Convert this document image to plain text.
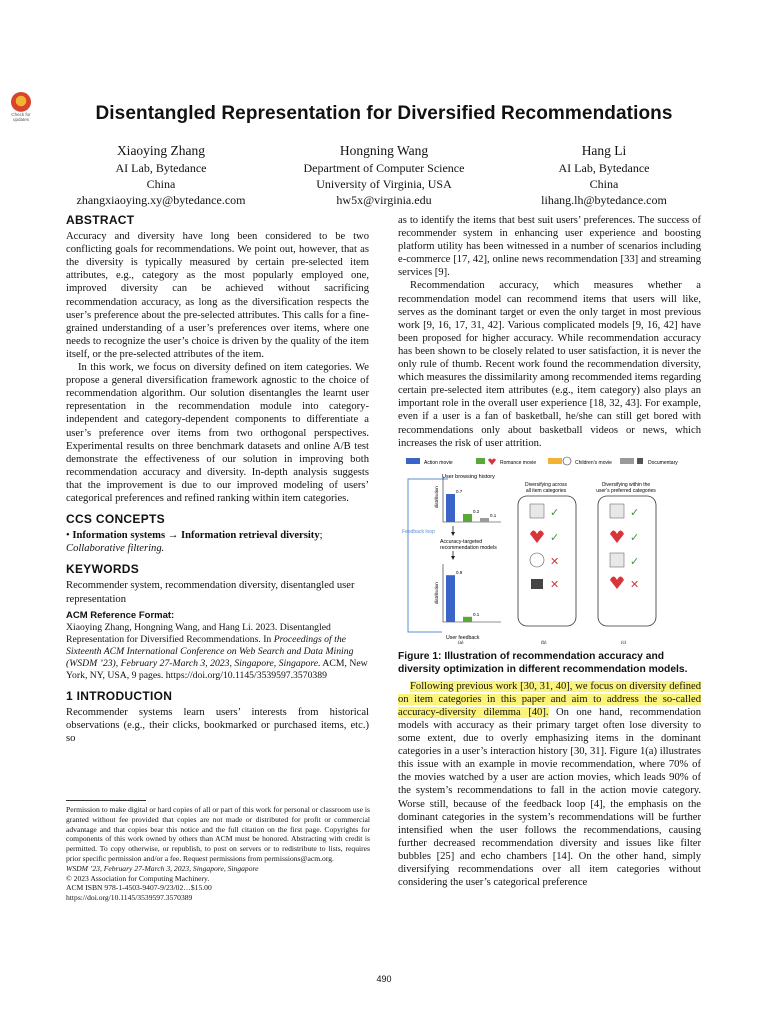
Check for
updates	Disentangled Representation for Diversified Recommendations
Xiaoying Zhang
AI Lab, Bytedance
China
zhangxiaoying.xy@bytedance.com
Hongning Wang
Department of Computer Science
University of Virginia, USA
hw5x@virginia.edu
Hang Li
AI Lab, Bytedance
China
lihang.lh@bytedance.com
ABSTRACT

Accuracy and diversity have long been considered to be two conflicting goals for recommendations. We point out, however, that as the diversity is typically measured by certain pre-selected item attributes, e.g., category as the most popularly employed one, improved diversity can be achieved without sacrificing recommendation accuracy, as long as the diversification respects the user’s preference about the pre-selected attributes. This calls for a fine-grained understanding of a user’s preferences over items, where one needs to recognize the user’s choice is driven by the quality of the item itself, or the pre-selected attributes of the item.

In this work, we focus on diversity defined on item categories. We propose a general diversification framework agnostic to the choice of recommendation algorithm. Our solution disentangles the learnt user representation in the recommendation module into category-independent and category-dependent components to differentiate a user’s preference over items from two orthogonal perspectives. Experimental results on three benchmark datasets and online A/B test demonstrate the effectiveness of our solution in improving both recommendation accuracy and diversity. In-depth analysis suggests that the improvement is due to our improved modeling of users’ categorical preferences and refined ranking within item categories.

CCS CONCEPTS

• Information systems → Information retrieval diversity; Collaborative filtering.

KEYWORDS

Recommender system, recommendation diversity, disentangled user representation

ACM Reference Format:

Xiaoying Zhang, Hongning Wang, and Hang Li. 2023. Disentangled Representation for Diversified Recommendations. In Proceedings of the Sixteenth ACM International Conference on Web Search and Data Mining (WSDM ’23), February 27-March 3, 2023, Singapore, Singapore. ACM, New York, NY, USA, 9 pages. https://doi.org/10.1145/3539597.3570389

1 INTRODUCTION

Recommender systems learn users’ interests from historical observations (e.g., their clicks, bookmarked or purchased items, etc.) so

Permission to make digital or hard copies of all or part of this work for personal or classroom use is granted without fee provided that copies are not made or distributed for profit or commercial advantage and that copies bear this notice and the full citation on the first page. Copyrights for components of this work owned by others than ACM must be honored. Abstracting with credit is permitted. To copy otherwise, or republish, to post on servers or to redistribute to lists, requires prior specific permission and/or a fee. Request permissions from permissions@acm.org.
WSDM ’23, February 27-March 3, 2023, Singapore, Singapore
© 2023 Association for Computing Machinery.
ACM ISBN 978-1-4503-9407-9/23/02…$15.00
https://doi.org/10.1145/3539597.3570389

as to identify the items that best suit users’ preferences. The success of recommender system in enhancing user experience and boosting platform utility has been witnessed in a number of scenarios including e-commerce [17, 42], online news recommendation [33] and streaming services [9].

Recommendation accuracy, which measures whether a recommendation model can recommend items that users will like, serves as the dominant target or even the only target in most previous work [9, 16, 17, 31, 42]. Various complicated models [9, 16, 42] have been proposed for higher accuracy. While recommendation accuracy has been shown to be closely related to user satisfaction, it is never the only rule of thumb. Recent work found the recommendation diversity, which measures the dissimilarity among recommended items regarding certain pre-selected item attributes (e.g., item category) also plays an important role in the overall user experience [18, 32, 43]. For example, even if a user is a fan of basketball, he/she can still get bored with recommendations only about basketball videos or news, which increases the risk of user attrition.

Action movie	Romance movie	Children’s movie	Documentary
Feedback loop
User browsing history
0.7
0.2
0.1
distribution
Accuracy-targeted
recommendation models
0.9
0.1
distribution
User feedback
Diversifying across
all item categories
Diversifying within the
user’s preferred categories
✓
✓
✕
✕
✓
✓
✓
✕
(a)	(b)	(c)
Figure 1: Illustration of recommendation accuracy and diversity optimization in different recommendation models.

Following previous work [30, 31, 40], we focus on diversity defined on item categories in this paper and aim to address the so-called accuracy-diversity dilemma [40]. On one hand, recommendation models with accuracy as their primary target often lose diversity to some extent, due to overly emphasizing items in the dominant categories in a user’s interaction history [30, 31]. Figure 1(a) illustrates this issue with an example in movie recommendation, where 70% of the movies watched by a user are action movies, which leads 90% of the system’s recommendations to fall in the action movie category. Worse still, because of the feedback loop [4], the emphasis on the dominant categories in the system’s recommendations will be further intensified when the user follows the recommendations, causing further decreased recommendation diversity and issues like filter bubbles [25] and echo chambers [14]. On the other hand, simply diversifying recommendations over all item categories without considering the user’s categorical preference

490
